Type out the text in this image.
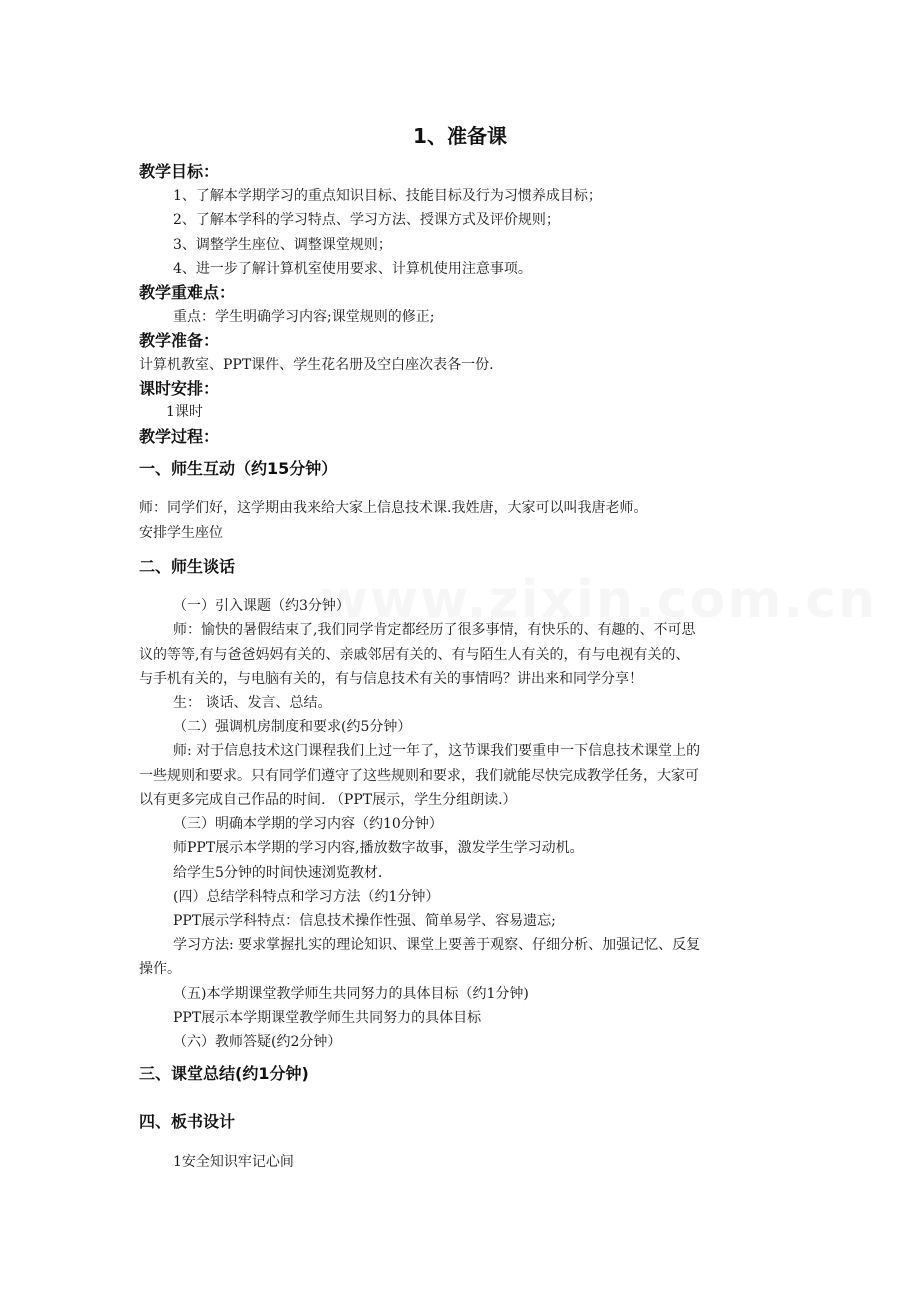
1、准备课
教学目标：
1、了解本学期学习的重点知识目标、技能目标及行为习惯养成目标；
2、了解本学科的学习特点、学习方法、授课方式及评价规则；
3、调整学生座位、调整课堂规则；
4、进一步了解计算机室使用要求、计算机使用注意事项。
教学重难点：
重点：学生明确学习内容;课堂规则的修正;
教学准备：
计算机教室、PPT课件、学生花名册及空白座次表各一份.
课时安排：
1课时
教学过程：
一、师生互动（约15分钟）
师：同学们好，这学期由我来给大家上信息技术课.我姓唐，大家可以叫我唐老师。
安排学生座位
二、师生谈话
（一）引入课题（约3分钟）
师：愉快的暑假结束了,我们同学肯定都经历了很多事情，有快乐的、有趣的、不可思
议的等等,有与爸爸妈妈有关的、亲戚邻居有关的、有与陌生人有关的，有与电视有关的、
与手机有关的，与电脑有关的，有与信息技术有关的事情吗？讲出来和同学分享！
生： 谈话、发言、总结。
（二）强调机房制度和要求(约5分钟）
师: 对于信息技术这门课程我们上过一年了，这节课我们要重申一下信息技术课堂上的
一些规则和要求。只有同学们遵守了这些规则和要求，我们就能尽快完成教学任务，大家可
以有更多完成自己作品的时间. （PPT展示，学生分组朗读.）
（三）明确本学期的学习内容（约10分钟）
师PPT展示本学期的学习内容,播放数字故事，激发学生学习动机。
给学生5分钟的时间快速浏览教材.
(四）总结学科特点和学习方法（约1分钟）
PPT展示学科特点：信息技术操作性强、简单易学、容易遗忘;
学习方法: 要求掌握扎实的理论知识、课堂上要善于观察、仔细分析、加强记忆、反复
操作。
（五)本学期课堂教学师生共同努力的具体目标（约1分钟)
PPT展示本学期课堂教学师生共同努力的具体目标
（六）教师答疑(约2分钟）
三、课堂总结(约1分钟)
四、板书设计
1安全知识牢记心间
